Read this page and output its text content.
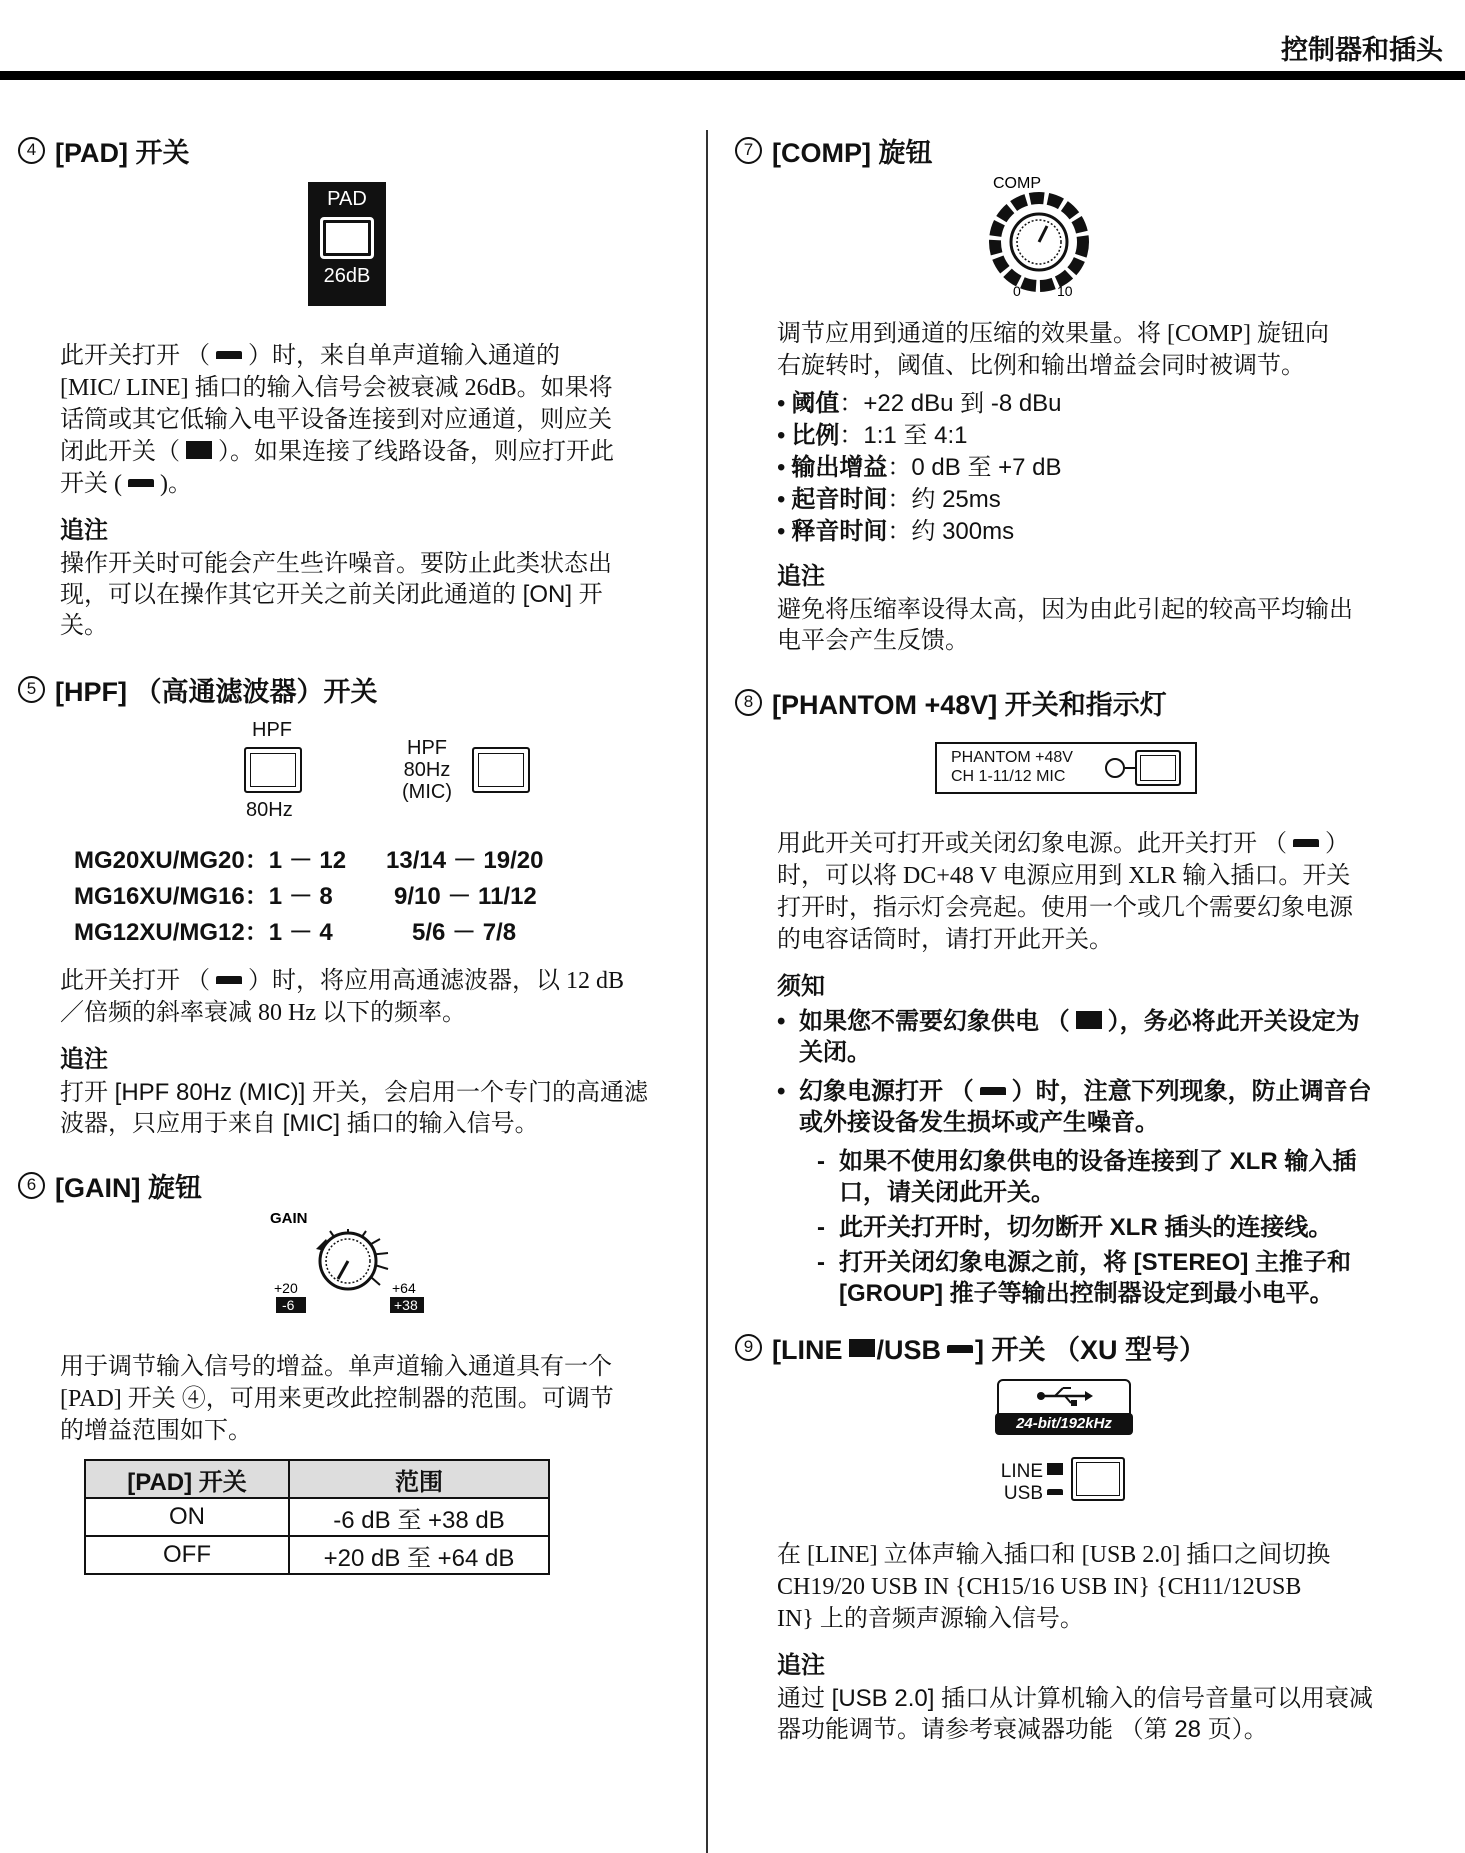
控制器和插头
4 [PAD] 开关
PAD
26dB
此开关打开 （ ）时，来自单声道输入通道的 [MIC/ LINE] 插口的输入信号会被衰减 26dB。如果将话筒或其它低输入电平设备连接到对应通道，则应关闭此开关（ ）。如果连接了线路设备，则应打开此开关 ( )。
追注
操作开关时可能会产生些许噪音。要防止此类状态出现，可以在操作其它开关之前关闭此通道的 [ON] 开关。
5 [HPF] （高通滤波器）开关
HPF
80Hz
HPF
80Hz
(MIC)
MG20XU/MG20：1 － 12	13/14 － 19/20
MG16XU/MG16：1 － 8	9/10 － 11/12
MG12XU/MG12：1 － 4	5/6 － 7/8
此开关打开 （ ）时，将应用高通滤波器，以 12 dB ／倍频的斜率衰减 80 Hz 以下的频率。
追注
打开 [HPF 80Hz (MIC)] 开关，会启用一个专门的高通滤波器，只应用于来自 [MIC] 插口的输入信号。
6 [GAIN] 旋钮
GAIN
+20
-6
+64
+38
用于调节输入信号的增益。单声道输入通道具有一个 [PAD] 开关 ④，可用来更改此控制器的范围。可调节的增益范围如下。
[PAD] 开关	范围
ON	-6 dB 至 +38 dB
OFF	+20 dB 至 +64 dB
7 [COMP] 旋钮
COMP
0	10
调节应用到通道的压缩的效果量。将 [COMP] 旋钮向右旋转时，阈值、比例和输出增益会同时被调节。
• 阈值：+22 dBu 到 -8 dBu
• 比例：1:1 至 4:1
• 输出增益：0 dB 至 +7 dB
• 起音时间：约 25ms
• 释音时间：约 300ms
追注
避免将压缩率设得太高，因为由此引起的较高平均输出电平会产生反馈。
8 [PHANTOM +48V] 开关和指示灯
PHANTOM +48V
CH 1-11/12 MIC
用此开关可打开或关闭幻象电源。此开关打开 （ ）时，可以将 DC+48 V 电源应用到 XLR 输入插口。开关打开时，指示灯会亮起。使用一个或几个需要幻象电源的电容话筒时，请打开此开关。
须知
• 如果您不需要幻象供电 （ ），务必将此开关设定为关闭。
• 幻象电源打开 （ ）时，注意下列现象，防止调音台或外接设备发生损坏或产生噪音。
- 如果不使用幻象供电的设备连接到了 XLR 输入插口，请关闭此开关。
- 此开关打开时，切勿断开 XLR 插头的连接线。
- 打开关闭幻象电源之前，将 [STEREO] 主推子和 [GROUP] 推子等输出控制器设定到最小电平。
9 [LINE /USB ] 开关 （XU 型号）
24-bit/192kHz
LINE
USB
在 [LINE] 立体声输入插口和 [USB 2.0] 插口之间切换 CH19/20 USB IN {CH15/16 USB IN} {CH11/12USB IN} 上的音频声源输入信号。
追注
通过 [USB 2.0] 插口从计算机输入的信号音量可以用衰减器功能调节。请参考衰减器功能 （第 28 页）。
